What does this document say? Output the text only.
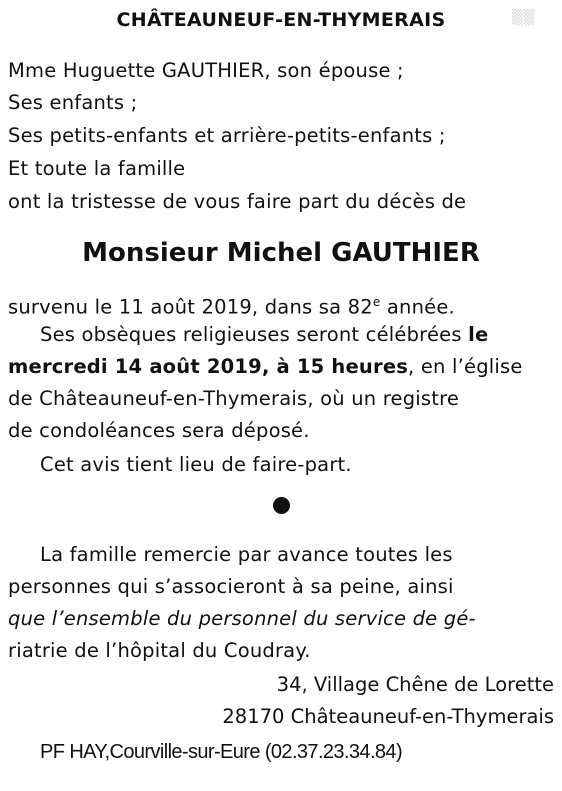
CHÂTEAUNEUF-EN-THYMERAIS	▒▒
Mme Huguette GAUTHIER, son épouse ;
Ses enfants ;
Ses petits-enfants et arrière-petits-enfants ;
Et toute la famille
ont la tristesse de vous faire part du décès de
Monsieur Michel GAUTHIER
survenu le 11 août 2019, dans sa 82e année.
Ses obsèques religieuses seront célébrées le
mercredi 14 août 2019, à 15 heures, en l’église
de Châteauneuf-en-Thymerais, où un registre
de condoléances sera déposé.
Cet avis tient lieu de faire-part.
La famille remercie par avance toutes les
personnes qui s’associeront à sa peine, ainsi
que l’ensemble du personnel du service de gé-
riatrie de l’hôpital du Coudray.
34, Village Chêne de Lorette
28170 Châteauneuf-en-Thymerais
PF HAY,Courville-sur-Eure (02.37.23.34.84)
